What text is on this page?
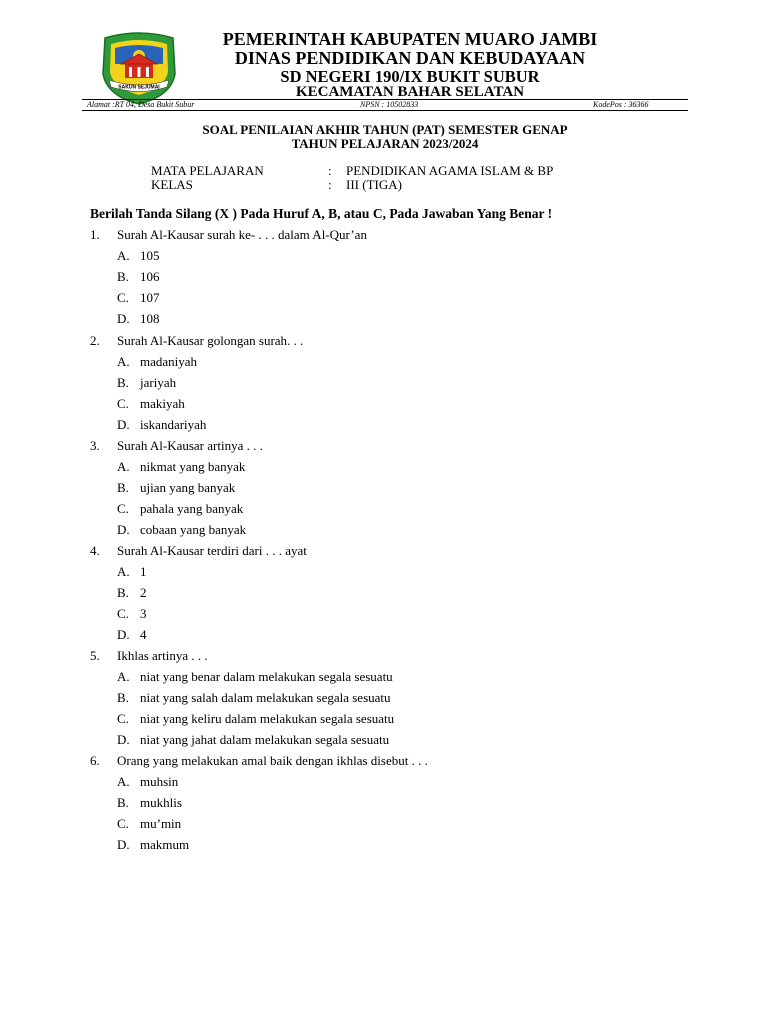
SAKUN SEJUMAI
PEMERINTAH KABUPATEN MUARO JAMBI
DINAS PENDIDIKAN DAN KEBUDAYAAN
SD NEGERI 190/IX BUKIT SUBUR
KECAMATAN BAHAR SELATAN
Alamat :RT 04, Desa Bukit Subur	NPSN : 10502833	KodePos : 36366
SOAL PENILAIAN AKHIR TAHUN (PAT) SEMESTER GENAP
TAHUN PELAJARAN 2023/2024
MATA PELAJARAN	: PENDIDIKAN AGAMA ISLAM & BP
KELAS	: III (TIGA)
Berilah Tanda Silang (X ) Pada Huruf A, B, atau C, Pada Jawaban Yang Benar !
1. Surah Al-Kausar surah ke- . . . dalam Al-Qur’an
A. 105
B. 106
C. 107
D. 108
2. Surah Al-Kausar golongan surah. . .
A. madaniyah
B. jariyah
C. makiyah
D. iskandariyah
3. Surah Al-Kausar artinya . . .
A. nikmat yang banyak
B. ujian yang banyak
C. pahala yang banyak
D. cobaan yang banyak
4. Surah Al-Kausar terdiri dari . . . ayat
A. 1
B. 2
C. 3
D. 4
5. Ikhlas artinya . . .
A. niat yang benar dalam melakukan segala sesuatu
B. niat yang salah dalam melakukan segala sesuatu
C. niat yang keliru dalam melakukan segala sesuatu
D. niat yang jahat dalam melakukan segala sesuatu
6. Orang yang melakukan amal baik dengan ikhlas disebut . . .
A. muhsin
B. mukhlis
C. mu’min
D. makmum
